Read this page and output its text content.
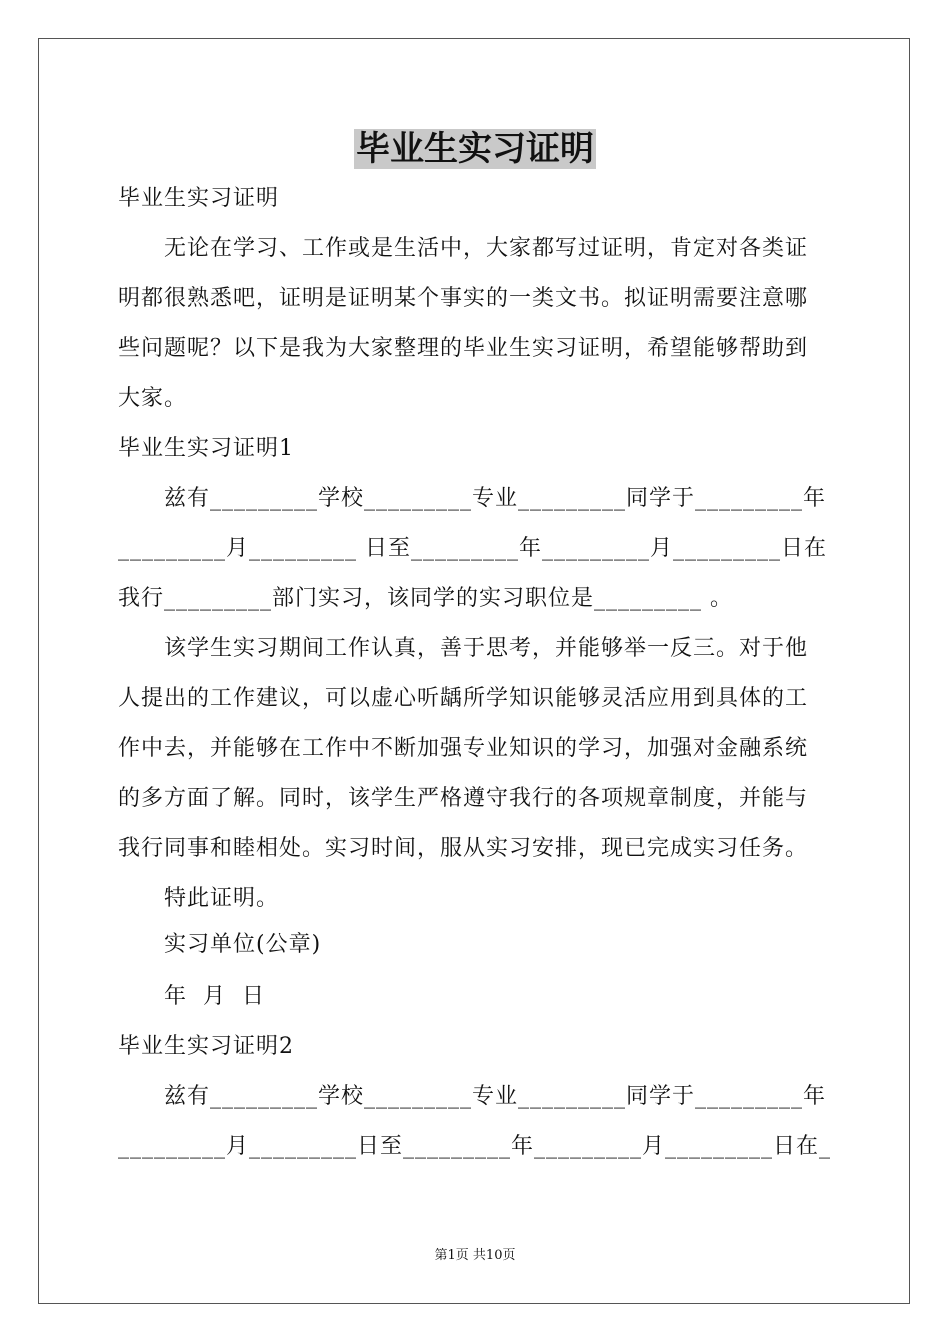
毕业生实习证明
毕业生实习证明
无论在学习、工作或是生活中，大家都写过证明，肯定对各类证
明都很熟悉吧，证明是证明某个事实的一类文书。拟证明需要注意哪
些问题呢？以下是我为大家整理的毕业生实习证明，希望能够帮助到
大家。
毕业生实习证明1
兹有_________学校_________专业_________同学于_________年
_________月_________ 日至_________年_________月_________日在
我行_________部门实习，该同学的实习职位是_________ 。
该学生实习期间工作认真，善于思考，并能够举一反三。对于他
人提出的工作建议，可以虚心听龋所学知识能够灵活应用到具体的工
作中去，并能够在工作中不断加强专业知识的学习，加强对金融系统
的多方面了解。同时，该学生严格遵守我行的各项规章制度，并能与
我行同事和睦相处。实习时间，服从实习安排，现已完成实习任务。
特此证明。
实习单位(公章)
年  月  日
毕业生实习证明2
兹有_________学校_________专业_________同学于_________年
_________月_________日至_________年_________月_________日在_
第1页 共10页
